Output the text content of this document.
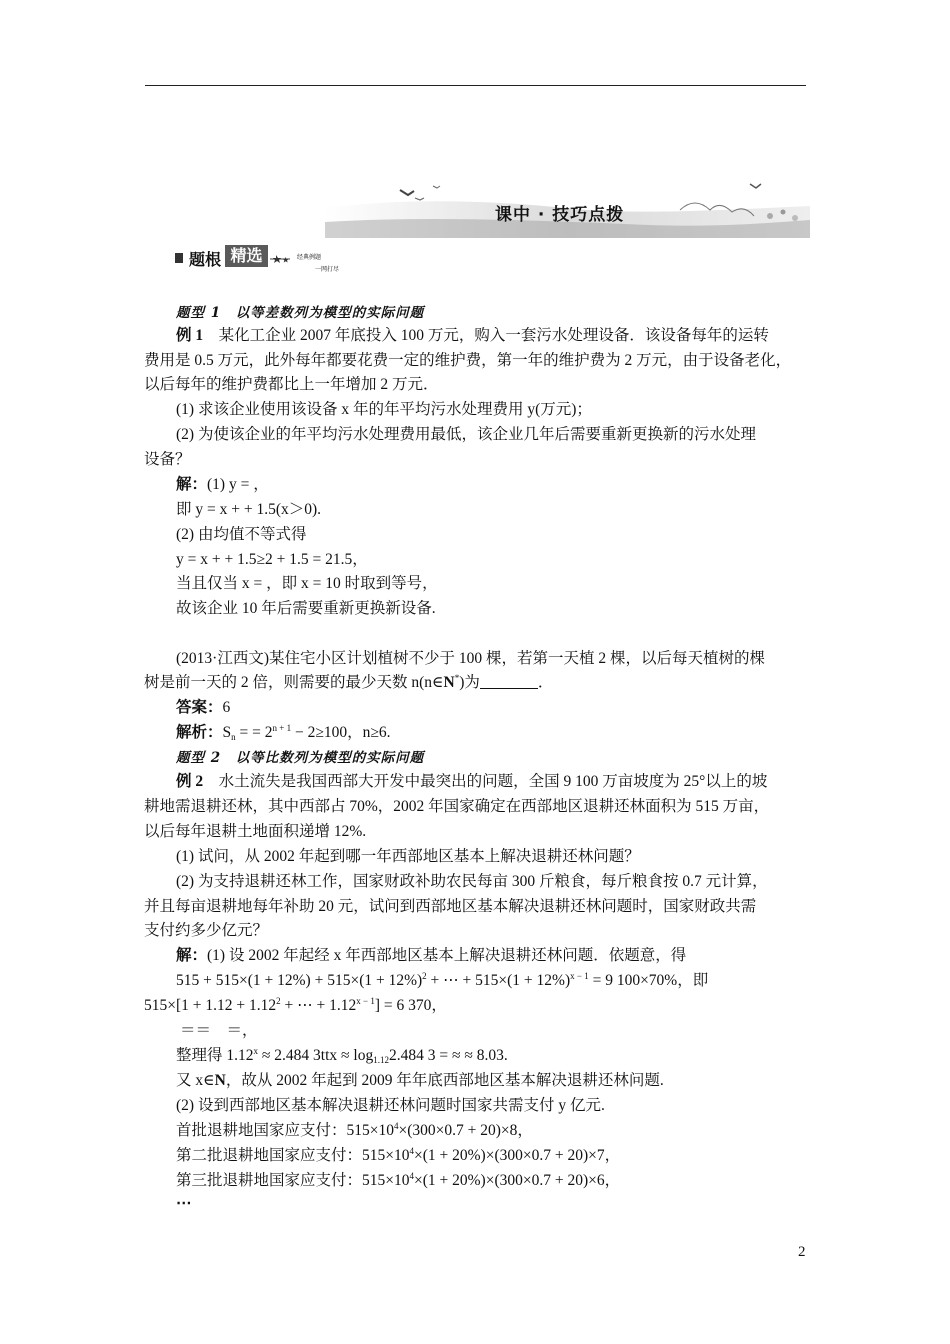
课中 · 技巧点拨
题根 精选	经典例题
一网打尽
题型 1　以等差数列为模型的实际问题
例 1　 某化工企业 2007 年底投入 100 万元，购入一套污水处理设备．该设备每年的运转
费用是 0.5 万元，此外每年都要花费一定的维护费，第一年的维护费为 2 万元，由于设备老化，
以后每年的维护费都比上一年增加 2 万元．
(1) 求该企业使用该设备 x 年的年平均污水处理费用 y(万元)；
(2) 为使该企业的年平均污水处理费用最低，该企业几年后需要重新更换新的污水处理
设备？
解：(1) y = ，
即 y = x + + 1.5(x＞0).
(2) 由均值不等式得
y = x + + 1.5≥2 + 1.5 = 21.5，
当且仅当 x = ，即 x = 10 时取到等号，
故该企业 10 年后需要重新更换新设备.
(2013·江西文)某住宅小区计划植树不少于 100 棵，若第一天植 2 棵，以后每天植树的棵
树是前一天的 2 倍，则需要的最少天数 n(n∈N*)为	．
答案：6
解析：$S_n$ = = $2^{n + 1} - 2\ge 100$，n≥6.
题型 2　以等比数列为模型的实际问题
例 2　 水土流失是我国西部大开发中最突出的问题，全国 9 100 万亩坡度为 25°以上的坡
耕地需退耕还林，其中西部占 70%，2002 年国家确定在西部地区退耕还林面积为 515 万亩，
以后每年退耕土地面积递增 12%.
(1) 试问，从 2002 年起到哪一年西部地区基本上解决退耕还林问题？
(2) 为支持退耕还林工作，国家财政补助农民每亩 300 斤粮食，每斤粮食按 0.7 元计算，
并且每亩退耕地每年补助 20 元，试问到西部地区基本解决退耕还林问题时，国家财政共需
支付约多少亿元？
解：(1) 设 2002 年起经 x 年西部地区基本上解决退耕还林问题．依题意，得
$515 + 515\times(1 + 12\%) + 515\times(1 + 12\%)^2$ + ⋯ + $515\times(1 + 12\%)^{x - 1} = 9$ 100×70%，即
$515\times[1 + 1.12 + 1.12^2$ + ⋯ + $1.12^{x - 1}] = 6$ 370，
＝＝　＝，
整理得 $1.12^x \approx 2.484$ $3ttx \approx \log_{1.12}2.484$ 3 = ≈ ≈ 8.03.
又 x∈N，故从 2002 年起到 2009 年年底西部地区基本解决退耕还林问题.
(2) 设到西部地区基本解决退耕还林问题时国家共需支付 y 亿元.
首批退耕地国家应支付：$515\times 10^4\times(300\times 0.7 + 20)\times 8$，
第二批退耕地国家应支付：$515\times 10^4\times(1 + 20\%)\times(300\times 0.7 + 20)\times 7$，
第三批退耕地国家应支付：$515\times 10^4\times(1 + 20\%)\times(300\times 0.7 + 20)\times 6$，
⋯
2
